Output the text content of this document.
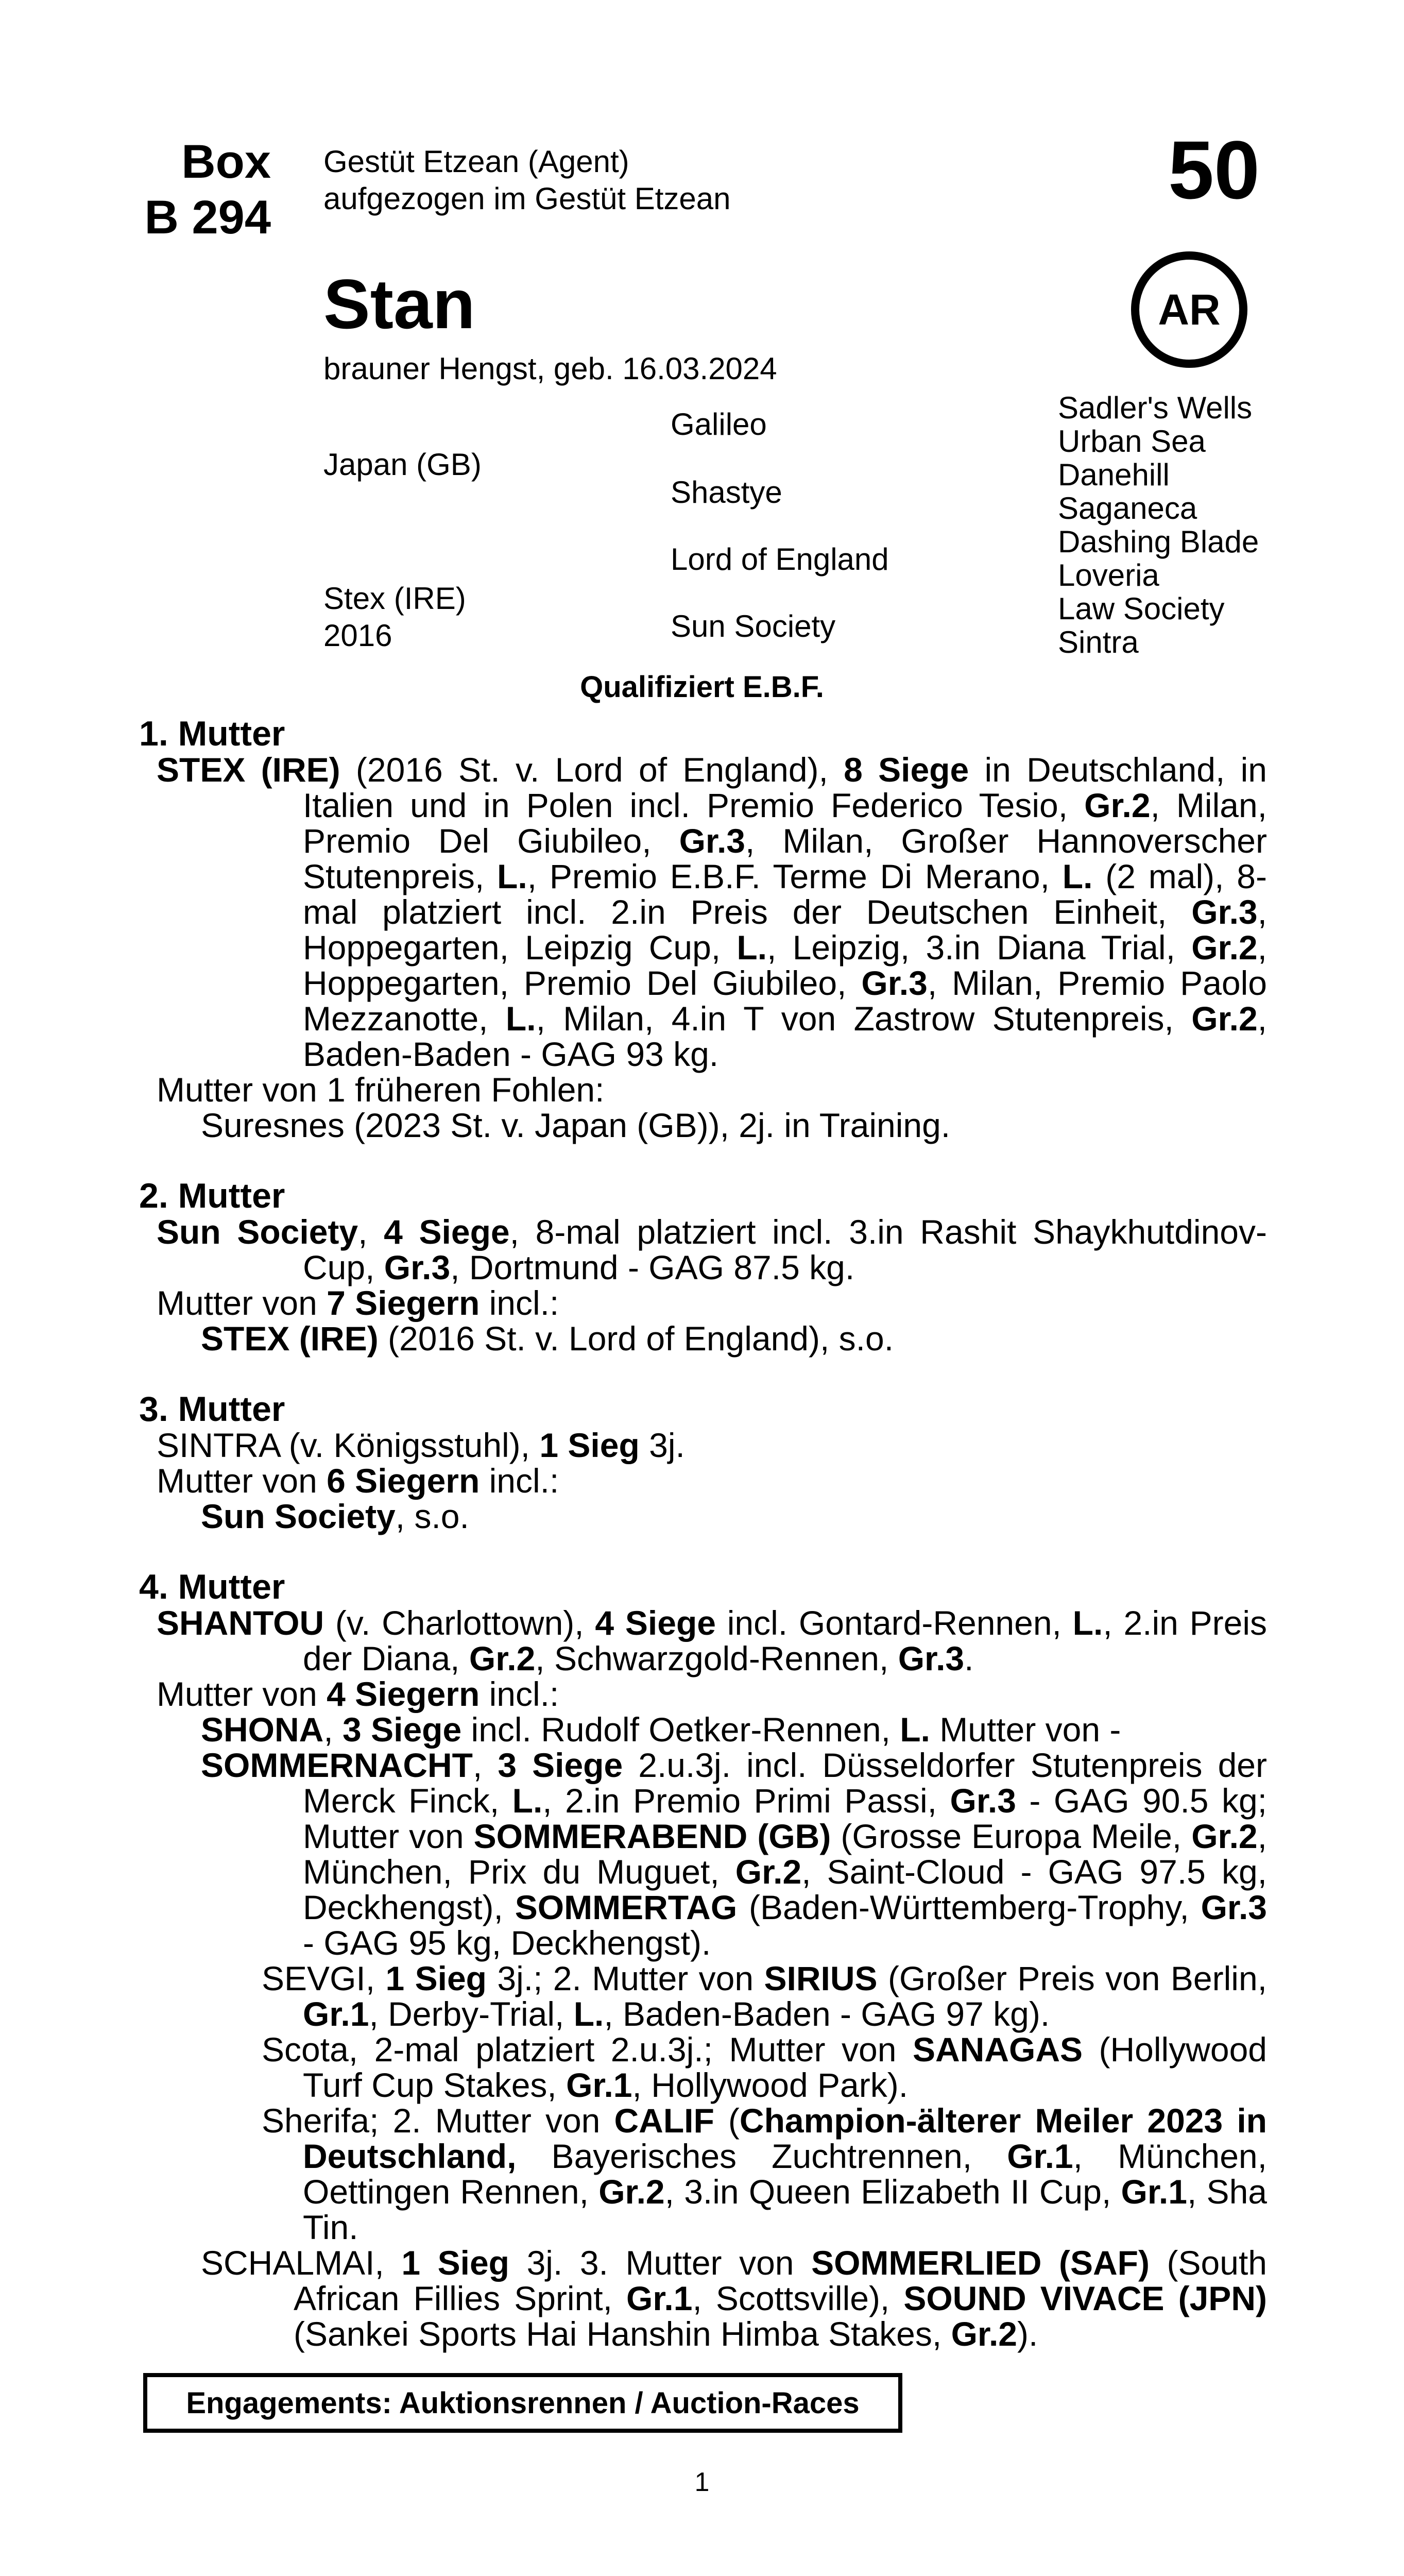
Box
B 294
Gestüt Etzean (Agent)
aufgezogen im Gestüt Etzean	50
AR
Stan
brauner Hengst, geb. 16.03.2024
Japan (GB)
Stex (IRE)
2016
Galileo
Shastye
Lord of England
Sun Society
Sadler's Wells
Urban Sea
Danehill
Saganeca
Dashing Blade
Loveria
Law Society
Sintra
Qualifiziert E.B.F.
1. Mutter

STEX (IRE) (2016 St. v. Lord of England), 8 Siege in Deutschland, in Italien und in Polen incl. Premio Federico Tesio, Gr.2, Milan, Premio Del Giubileo, Gr.3, Milan, Großer Hannoverscher Stutenpreis, L., Premio E.B.F. Terme Di Merano, L. (2 mal), 8-mal platziert incl. 2.in Preis der Deutschen Einheit, Gr.3, Hoppegarten, Leipzig Cup, L., Leipzig, 3.in Diana Trial, Gr.2, Hoppegarten, Premio Del Giubileo, Gr.3, Milan, Premio Paolo Mezzanotte, L., Milan, 4.in T von Zastrow Stutenpreis, Gr.2, Baden-Baden - GAG 93 kg.

Mutter von 1 früheren Fohlen:

Suresnes (2023 St. v. Japan (GB)), 2j. in Training.

2. Mutter

Sun Society, 4 Siege, 8-mal platziert incl. 3.in Rashit Shaykhutdinov-Cup, Gr.3, Dortmund - GAG 87.5 kg.

Mutter von 7 Siegern incl.:

STEX (IRE) (2016 St. v. Lord of England), s.o.

3. Mutter

SINTRA (v. Königsstuhl), 1 Sieg 3j.

Mutter von 6 Siegern incl.:

Sun Society, s.o.

4. Mutter

SHANTOU (v. Charlottown), 4 Siege incl. Gontard-Rennen, L., 2.in Preis der Diana, Gr.2, Schwarzgold-Rennen, Gr.3.

Mutter von 4 Siegern incl.:

SHONA, 3 Siege incl. Rudolf Oetker-Rennen, L. Mutter von -

SOMMERNACHT, 3 Siege 2.u.3j. incl. Düsseldorfer Stutenpreis der Merck Finck, L., 2.in Premio Primi Passi, Gr.3 - GAG 90.5 kg; Mutter von SOMMERABEND (GB) (Grosse Europa Meile, Gr.2, München, Prix du Muguet, Gr.2, Saint-Cloud - GAG 97.5 kg, Deckhengst), SOMMERTAG (Baden-Württemberg-Trophy, Gr.3 - GAG 95 kg, Deckhengst).

SEVGI, 1 Sieg 3j.; 2. Mutter von SIRIUS (Großer Preis von Berlin, Gr.1, Derby-Trial, L., Baden-Baden - GAG 97 kg).

Scota, 2-mal platziert 2.u.3j.; Mutter von SANAGAS (Hollywood Turf Cup Stakes, Gr.1, Hollywood Park).

Sherifa; 2. Mutter von CALIF (Champion-älterer Meiler 2023 in Deutschland, Bayerisches Zuchtrennen, Gr.1, München, Oettingen Rennen, Gr.2, 3.in Queen Elizabeth II Cup, Gr.1, Sha Tin.

SCHALMAI, 1 Sieg 3j. 3. Mutter von SOMMERLIED (SAF) (South African Fillies Sprint, Gr.1, Scottsville), SOUND VIVACE (JPN) (Sankei Sports Hai Hanshin Himba Stakes, Gr.2).

Engagements: Auktionsrennen / Auction-Races
1
